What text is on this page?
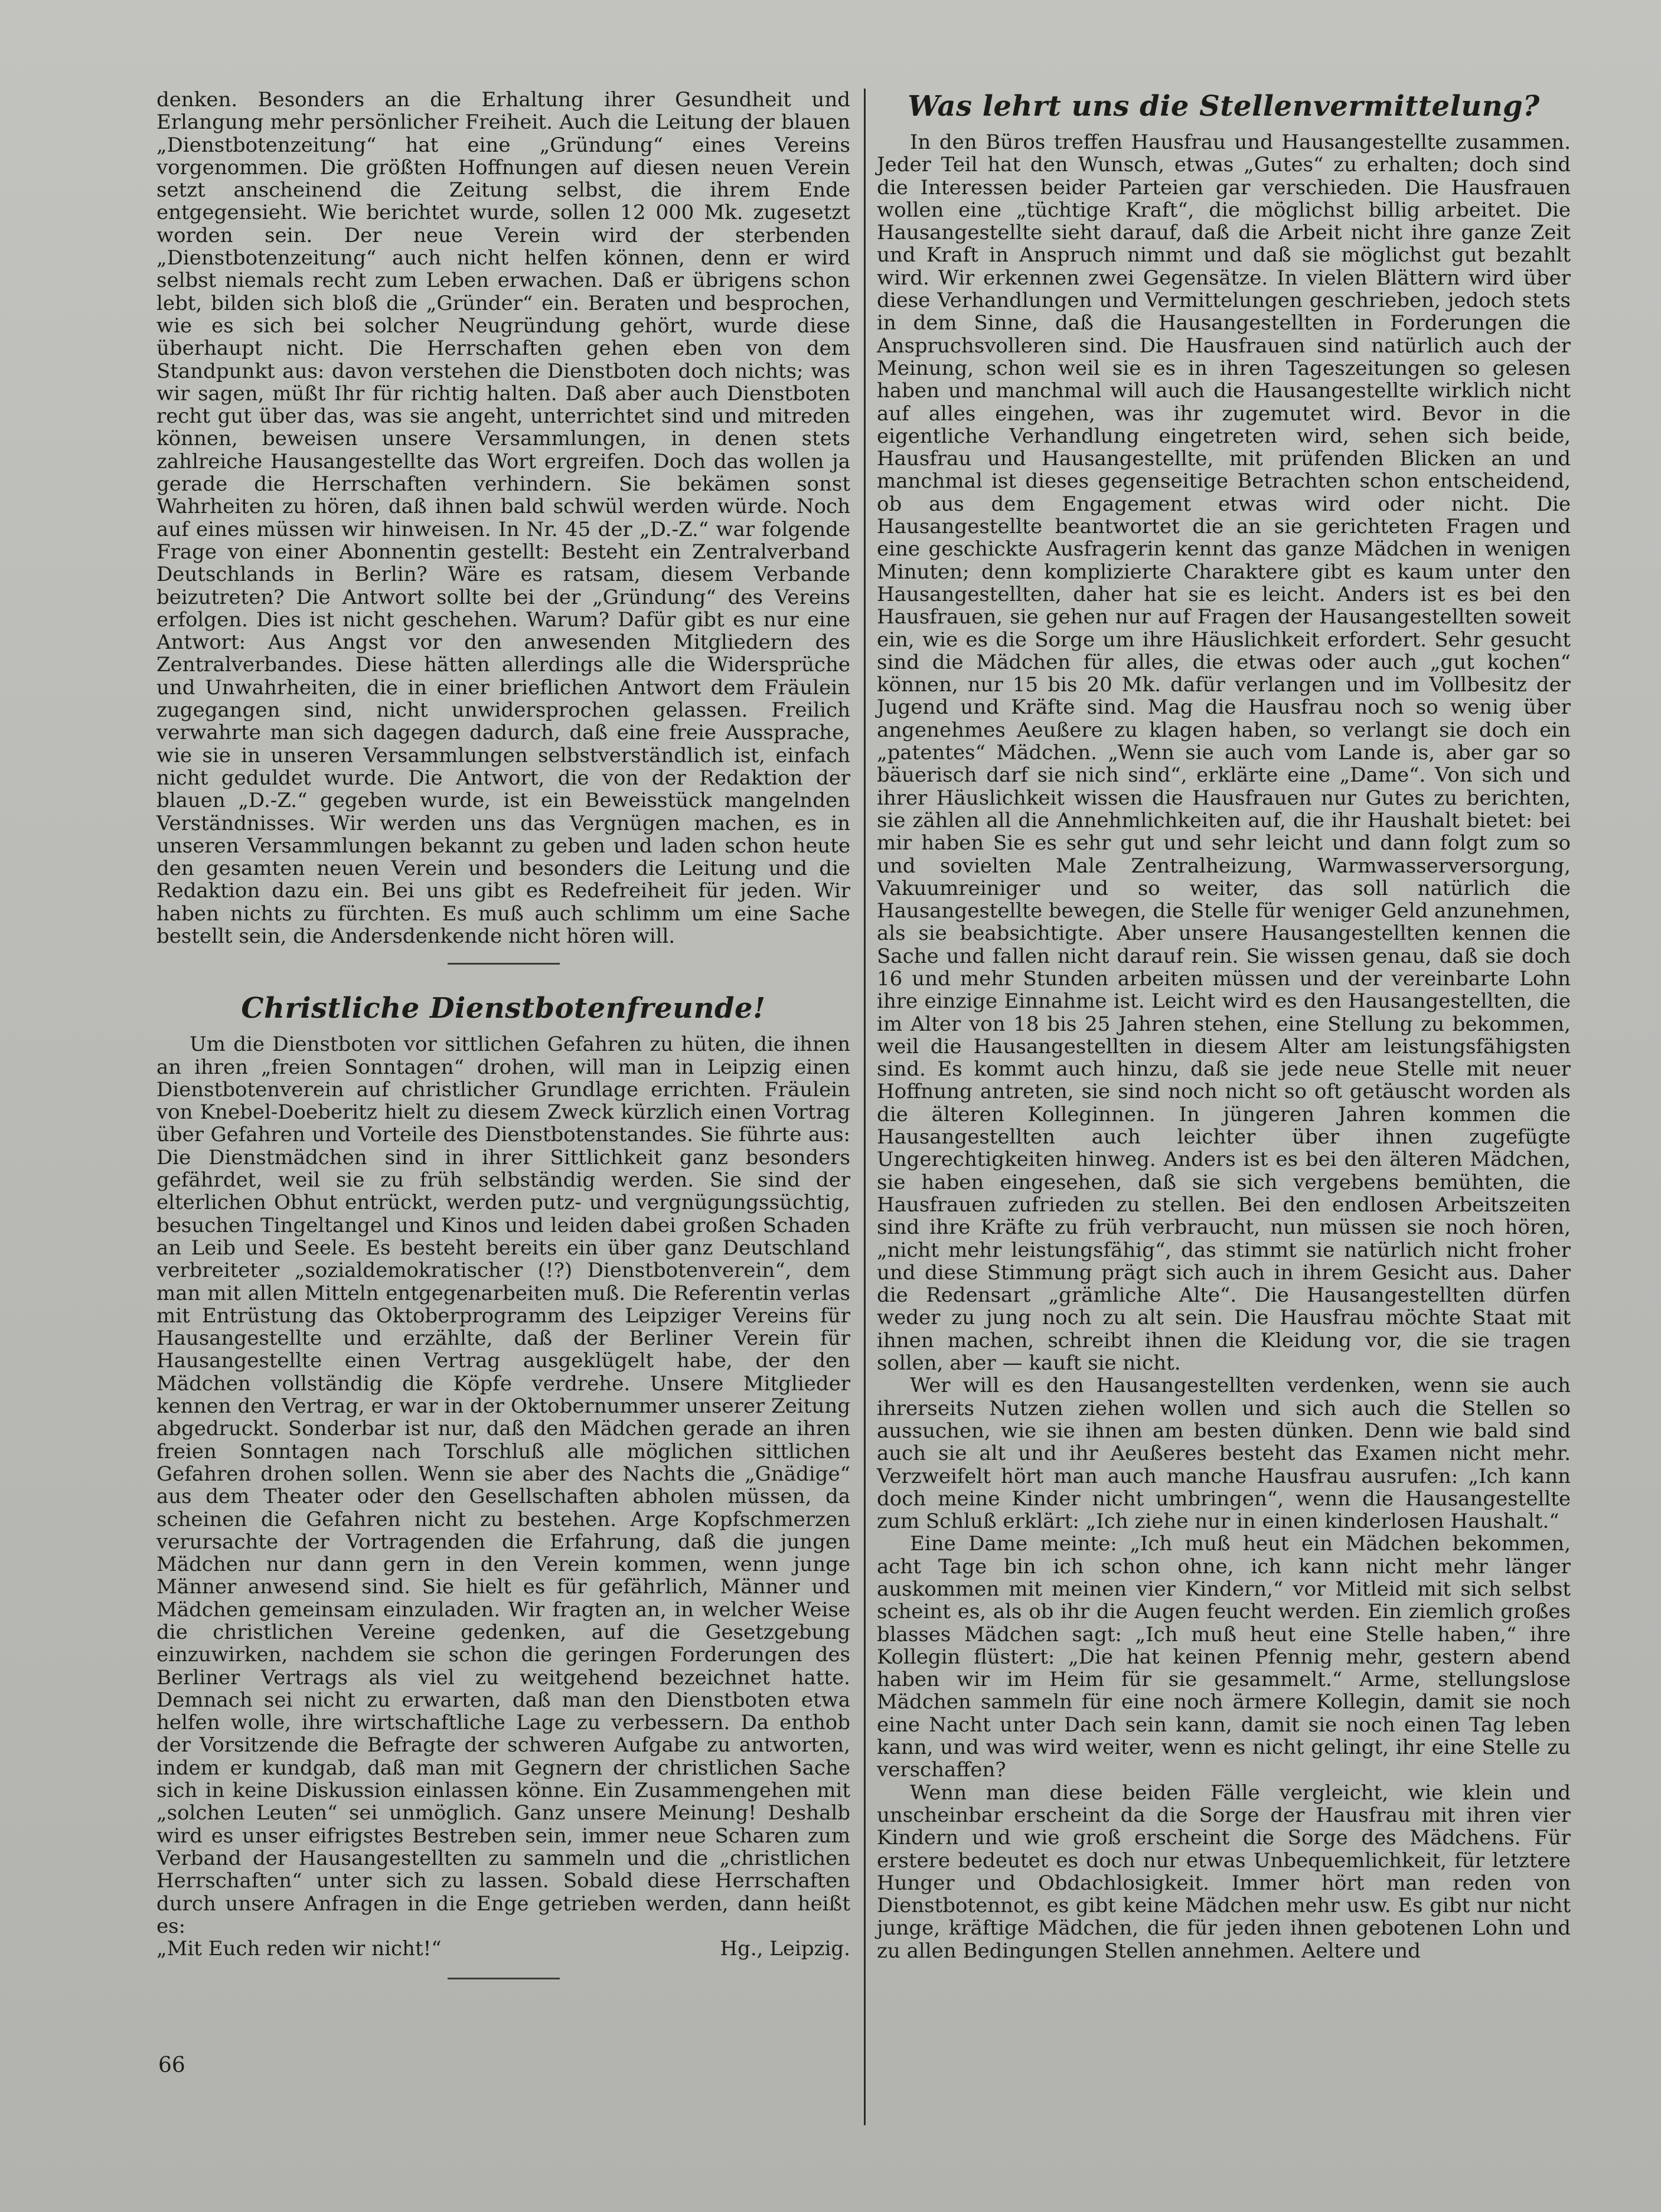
denken. Besonders an die Erhaltung ihrer Gesundheit und Erlangung mehr persönlicher Freiheit. Auch die Leitung der blauen „Dienstbotenzeitung“ hat eine „Gründung“ eines Vereins vorgenommen. Die größten Hoffnungen auf diesen neuen Verein setzt anscheinend die Zeitung selbst, die ihrem Ende entgegensieht. Wie berichtet wurde, sollen 12 000 Mk. zugesetzt worden sein. Der neue Verein wird der sterbenden „Dienstbotenzeitung“ auch nicht helfen können, denn er wird selbst niemals recht zum Leben erwachen. Daß er übrigens schon lebt, bilden sich bloß die „Gründer“ ein. Beraten und besprochen, wie es sich bei solcher Neugründung gehört, wurde diese überhaupt nicht. Die Herrschaften gehen eben von dem Standpunkt aus: davon verstehen die Dienstboten doch nichts; was wir sagen, müßt Ihr für richtig halten. Daß aber auch Dienstboten recht gut über das, was sie angeht, unterrichtet sind und mitreden können, beweisen unsere Versammlungen, in denen stets zahlreiche Hausangestellte das Wort ergreifen. Doch das wollen ja gerade die Herrschaften verhindern. Sie bekämen sonst Wahrheiten zu hören, daß ihnen bald schwül werden würde. Noch auf eines müssen wir hinweisen. In Nr. 45 der „D.-Z.“ war folgende Frage von einer Abonnentin gestellt: Besteht ein Zentralverband Deutschlands in Berlin? Wäre es ratsam, diesem Verbande beizutreten? Die Antwort sollte bei der „Gründung“ des Vereins erfolgen. Dies ist nicht geschehen. Warum? Dafür gibt es nur eine Antwort: Aus Angst vor den anwesenden Mitgliedern des Zentralverbandes. Diese hätten allerdings alle die Widersprüche und Unwahrheiten, die in einer brieflichen Antwort dem Fräulein zugegangen sind, nicht unwidersprochen gelassen. Freilich verwahrte man sich dagegen dadurch, daß eine freie Aussprache, wie sie in unseren Versammlungen selbstverständlich ist, einfach nicht geduldet wurde. Die Antwort, die von der Redaktion der blauen „D.-Z.“ gegeben wurde, ist ein Beweisstück mangelnden Verständnisses. Wir werden uns das Vergnügen machen, es in unseren Versammlungen bekannt zu geben und laden schon heute den gesamten neuen Verein und besonders die Leitung und die Redaktion dazu ein. Bei uns gibt es Redefreiheit für jeden. Wir haben nichts zu fürchten. Es muß auch schlimm um eine Sache bestellt sein, die Andersdenkende nicht hören will.

Christliche Dienstbotenfreunde!

Um die Dienstboten vor sittlichen Gefahren zu hüten, die ihnen an ihren „freien Sonntagen“ drohen, will man in Leipzig einen Dienstbotenverein auf christlicher Grundlage errichten. Fräulein von Knebel-Doeberitz hielt zu diesem Zweck kürzlich einen Vortrag über Gefahren und Vorteile des Dienstbotenstandes. Sie führte aus: Die Dienstmädchen sind in ihrer Sittlichkeit ganz besonders gefährdet, weil sie zu früh selbständig werden. Sie sind der elterlichen Obhut entrückt, werden putz- und vergnügungssüchtig, besuchen Tingeltangel und Kinos und leiden dabei großen Schaden an Leib und Seele. Es besteht bereits ein über ganz Deutschland verbreiteter „sozialdemokratischer (!?) Dienstbotenverein“, dem man mit allen Mitteln entgegenarbeiten muß. Die Referentin verlas mit Entrüstung das Oktoberprogramm des Leipziger Vereins für Hausangestellte und erzählte, daß der Berliner Verein für Hausangestellte einen Vertrag ausgeklügelt habe, der den Mädchen vollständig die Köpfe verdrehe. Unsere Mitglieder kennen den Vertrag, er war in der Oktobernummer unserer Zeitung abgedruckt. Sonderbar ist nur, daß den Mädchen gerade an ihren freien Sonntagen nach Torschluß alle möglichen sittlichen Gefahren drohen sollen. Wenn sie aber des Nachts die „Gnädige“ aus dem Theater oder den Gesellschaften abholen müssen, da scheinen die Gefahren nicht zu bestehen. Arge Kopfschmerzen verursachte der Vortragenden die Erfahrung, daß die jungen Mädchen nur dann gern in den Verein kommen, wenn junge Männer anwesend sind. Sie hielt es für gefährlich, Männer und Mädchen gemeinsam einzuladen. Wir fragten an, in welcher Weise die christlichen Vereine gedenken, auf die Gesetzgebung einzuwirken, nachdem sie schon die geringen Forderungen des Berliner Vertrags als viel zu weitgehend bezeichnet hatte. Demnach sei nicht zu erwarten, daß man den Dienstboten etwa helfen wolle, ihre wirtschaftliche Lage zu verbessern. Da enthob der Vorsitzende die Befragte der schweren Aufgabe zu antworten, indem er kundgab, daß man mit Gegnern der christlichen Sache sich in keine Diskussion einlassen könne. Ein Zusammengehen mit „solchen Leuten“ sei unmöglich. Ganz unsere Meinung! Deshalb wird es unser eifrigstes Bestreben sein, immer neue Scharen zum Verband der Hausangestellten zu sammeln und die „christlichen Herrschaften“ unter sich zu lassen. Sobald diese Herrschaften durch unsere Anfragen in die Enge getrieben werden, dann heißt es:

„Mit Euch reden wir nicht!“	Hg., Leipzig.
Was lehrt uns die Stellenvermittelung?

In den Büros treffen Hausfrau und Hausangestellte zusammen. Jeder Teil hat den Wunsch, etwas „Gutes“ zu erhalten; doch sind die Interessen beider Parteien gar verschieden. Die Hausfrauen wollen eine „tüchtige Kraft“, die möglichst billig arbeitet. Die Hausangestellte sieht darauf, daß die Arbeit nicht ihre ganze Zeit und Kraft in Anspruch nimmt und daß sie möglichst gut bezahlt wird. Wir erkennen zwei Gegensätze. In vielen Blättern wird über diese Verhandlungen und Vermittelungen geschrieben, jedoch stets in dem Sinne, daß die Hausangestellten in Forderungen die Anspruchsvolleren sind. Die Hausfrauen sind natürlich auch der Meinung, schon weil sie es in ihren Tageszeitungen so gelesen haben und manchmal will auch die Hausangestellte wirklich nicht auf alles eingehen, was ihr zugemutet wird. Bevor in die eigentliche Verhandlung eingetreten wird, sehen sich beide, Hausfrau und Hausangestellte, mit prüfenden Blicken an und manchmal ist dieses gegenseitige Betrachten schon entscheidend, ob aus dem Engagement etwas wird oder nicht. Die Hausangestellte beantwortet die an sie gerichteten Fragen und eine geschickte Ausfragerin kennt das ganze Mädchen in wenigen Minuten; denn komplizierte Charaktere gibt es kaum unter den Hausangestellten, daher hat sie es leicht. Anders ist es bei den Hausfrauen, sie gehen nur auf Fragen der Hausangestellten soweit ein, wie es die Sorge um ihre Häuslichkeit erfordert. Sehr gesucht sind die Mädchen für alles, die etwas oder auch „gut kochen“ können, nur 15 bis 20 Mk. dafür verlangen und im Vollbesitz der Jugend und Kräfte sind. Mag die Hausfrau noch so wenig über angenehmes Aeußere zu klagen haben, so verlangt sie doch ein „patentes“ Mädchen. „Wenn sie auch vom Lande is, aber gar so bäuerisch darf sie nich sind“, erklärte eine „Dame“. Von sich und ihrer Häuslichkeit wissen die Hausfrauen nur Gutes zu berichten, sie zählen all die Annehmlichkeiten auf, die ihr Haushalt bietet: bei mir haben Sie es sehr gut und sehr leicht und dann folgt zum so und sovielten Male Zentralheizung, Warmwasserversorgung, Vakuumreiniger und so weiter, das soll natürlich die Hausangestellte bewegen, die Stelle für weniger Geld anzunehmen, als sie beabsichtigte. Aber unsere Hausangestellten kennen die Sache und fallen nicht darauf rein. Sie wissen genau, daß sie doch 16 und mehr Stunden arbeiten müssen und der vereinbarte Lohn ihre einzige Einnahme ist. Leicht wird es den Hausangestellten, die im Alter von 18 bis 25 Jahren stehen, eine Stellung zu bekommen, weil die Hausangestellten in diesem Alter am leistungsfähigsten sind. Es kommt auch hinzu, daß sie jede neue Stelle mit neuer Hoffnung antreten, sie sind noch nicht so oft getäuscht worden als die älteren Kolleginnen. In jüngeren Jahren kommen die Hausangestellten auch leichter über ihnen zugefügte Ungerechtigkeiten hinweg. Anders ist es bei den älteren Mädchen, sie haben eingesehen, daß sie sich vergebens bemühten, die Hausfrauen zufrieden zu stellen. Bei den endlosen Arbeitszeiten sind ihre Kräfte zu früh verbraucht, nun müssen sie noch hören, „nicht mehr leistungsfähig“, das stimmt sie natürlich nicht froher und diese Stimmung prägt sich auch in ihrem Gesicht aus. Daher die Redensart „grämliche Alte“. Die Hausangestellten dürfen weder zu jung noch zu alt sein. Die Hausfrau möchte Staat mit ihnen machen, schreibt ihnen die Kleidung vor, die sie tragen sollen, aber — kauft sie nicht.

Wer will es den Hausangestellten verdenken, wenn sie auch ihrerseits Nutzen ziehen wollen und sich auch die Stellen so aussuchen, wie sie ihnen am besten dünken. Denn wie bald sind auch sie alt und ihr Aeußeres besteht das Examen nicht mehr. Verzweifelt hört man auch manche Hausfrau ausrufen: „Ich kann doch meine Kinder nicht umbringen“, wenn die Hausangestellte zum Schluß erklärt: „Ich ziehe nur in einen kinderlosen Haushalt.“

Eine Dame meinte: „Ich muß heut ein Mädchen bekommen, acht Tage bin ich schon ohne, ich kann nicht mehr länger auskommen mit meinen vier Kindern,“ vor Mitleid mit sich selbst scheint es, als ob ihr die Augen feucht werden. Ein ziemlich großes blasses Mädchen sagt: „Ich muß heut eine Stelle haben,“ ihre Kollegin flüstert: „Die hat keinen Pfennig mehr, gestern abend haben wir im Heim für sie gesammelt.“ Arme, stellungslose Mädchen sammeln für eine noch ärmere Kollegin, damit sie noch eine Nacht unter Dach sein kann, damit sie noch einen Tag leben kann, und was wird weiter, wenn es nicht gelingt, ihr eine Stelle zu verschaffen?

Wenn man diese beiden Fälle vergleicht, wie klein und unscheinbar erscheint da die Sorge der Hausfrau mit ihren vier Kindern und wie groß erscheint die Sorge des Mädchens. Für erstere bedeutet es doch nur etwas Unbequemlichkeit, für letztere Hunger und Obdachlosigkeit. Immer hört man reden von Dienstbotennot, es gibt keine Mädchen mehr usw. Es gibt nur nicht junge, kräftige Mädchen, die für jeden ihnen gebotenen Lohn und zu allen Bedingungen Stellen annehmen. Aeltere und

66
